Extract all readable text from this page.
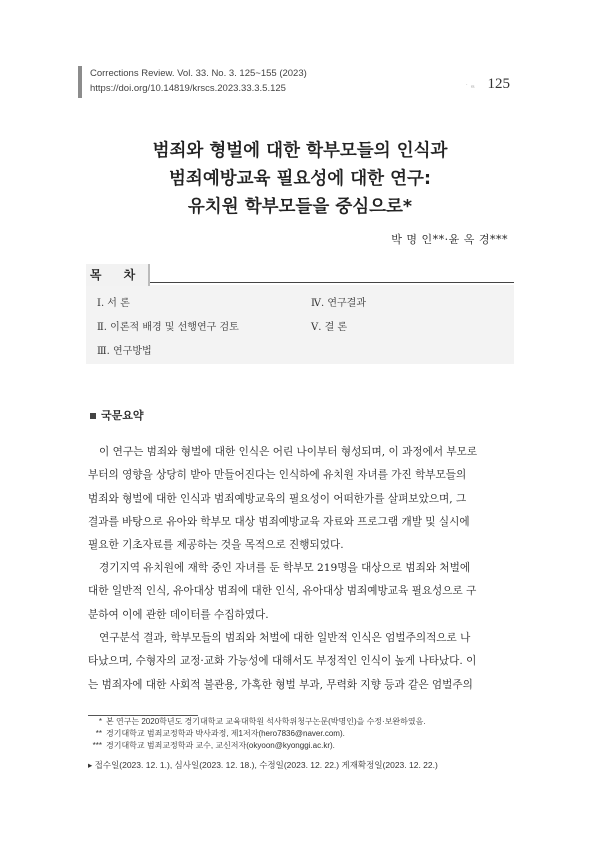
Corrections Review. Vol. 33. No. 3. 125~155 (2023)
https://doi.org/10.14819/krscs.2023.33.3.5.125	ᆞᆯ 125
범죄와 형벌에 대한 학부모들의 인식과
범죄예방교육 필요성에 대한 연구:
유치원 학부모들을 중심으로*
박 명 인**·윤 옥 경***
목 차
Ⅰ. 서 론
Ⅱ. 이론적 배경 및 선행연구 검토
Ⅲ. 연구방법
Ⅳ. 연구결과
Ⅴ. 결 론
국문요약
이 연구는 범죄와 형벌에 대한 인식은 어린 나이부터 형성되며, 이 과정에서 부모로
부터의 영향을 상당히 받아 만들어진다는 인식하에 유치원 자녀를 가진 학부모들의
범죄와 형벌에 대한 인식과 범죄예방교육의 필요성이 어떠한가를 살펴보았으며, 그
결과를 바탕으로 유아와 학부모 대상 범죄예방교육 자료와 프로그램 개발 및 실시에
필요한 기초자료를 제공하는 것을 목적으로 진행되었다.
경기지역 유치원에 재학 중인 자녀를 둔 학부모 219명을 대상으로 범죄와 처벌에
대한 일반적 인식, 유아대상 범죄에 대한 인식, 유아대상 범죄예방교육 필요성으로 구
분하여 이에 관한 데이터를 수집하였다.
연구분석 결과, 학부모들의 범죄와 처벌에 대한 일반적 인식은 엄벌주의적으로 나
타났으며, 수형자의 교정·교화 가능성에 대해서도 부정적인 인식이 높게 나타났다. 이
는 범죄자에 대한 사회적 불관용, 가혹한 형벌 부과, 무력화 지향 등과 같은 엄벌주의
* 본 연구는 2020학년도 경기대학교 교육대학원 석사학위청구논문(박명인)을 수정·보완하였음.
** 경기대학교 범죄교정학과 박사과정, 제1저자(hero7836@naver.com).
*** 경기대학교 범죄교정학과 교수, 교신저자(okyoon@kyonggi.ac.kr).
▸ 접수일(2023. 12. 1.), 심사일(2023. 12. 18.), 수정일(2023. 12. 22.) 게재확정일(2023. 12. 22.)
